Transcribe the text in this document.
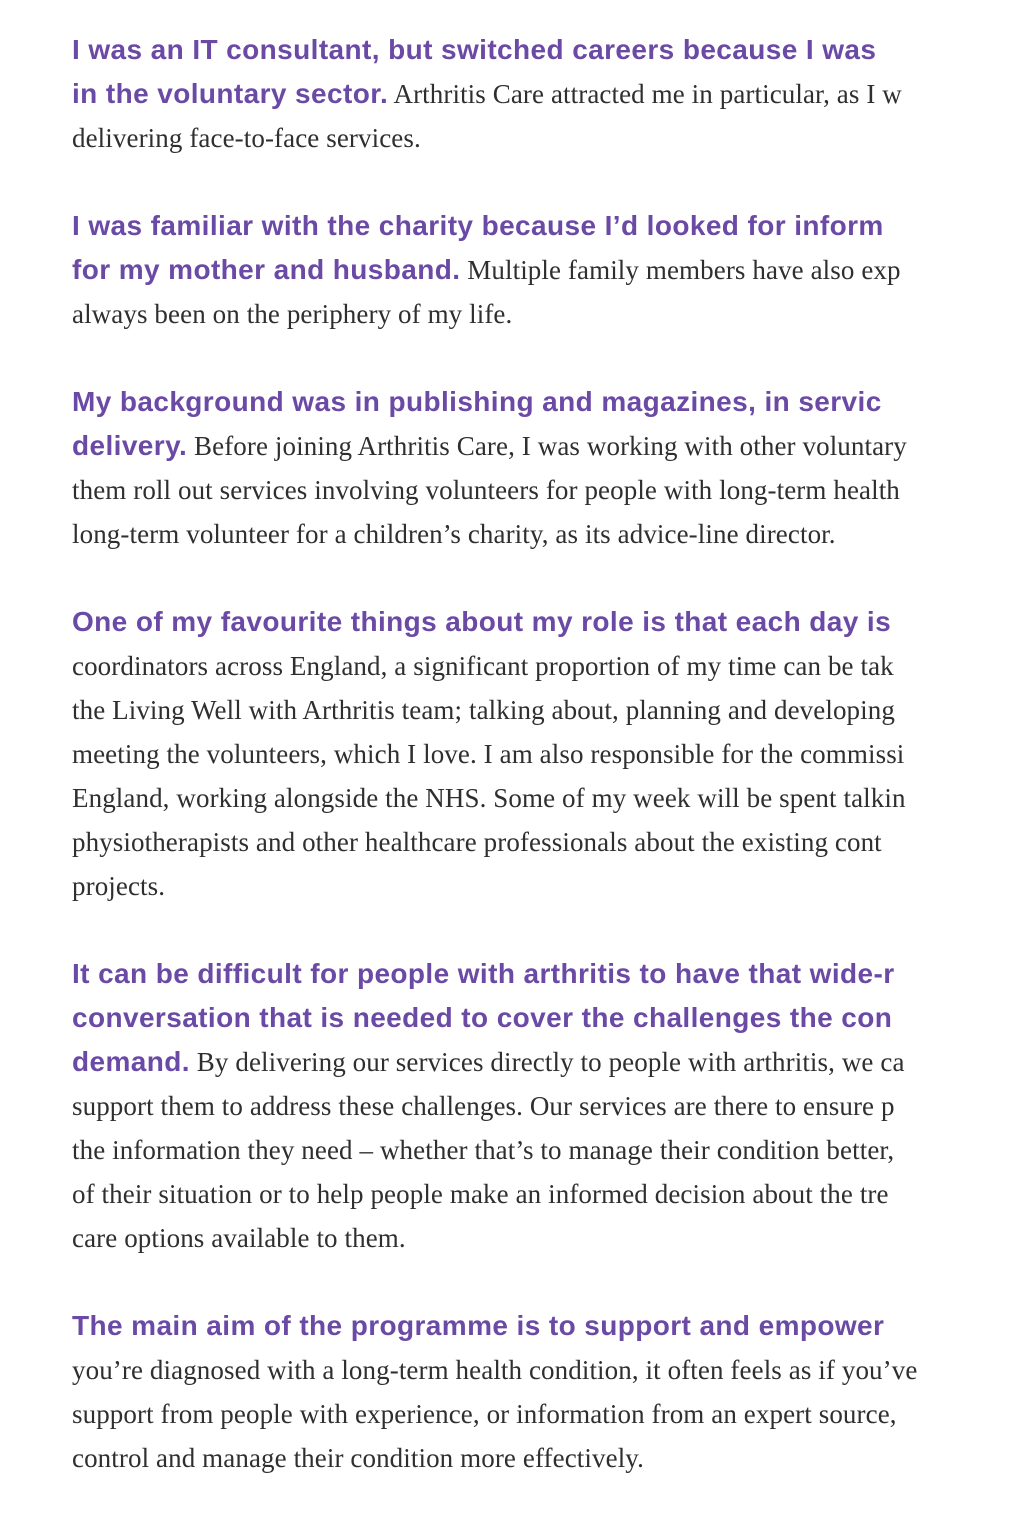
I was an IT consultant, but switched careers because I was
in the voluntary sector. Arthritis Care attracted me in particular, as I w
delivering face-to-face services.

I was familiar with the charity because I’d looked for inform
for my mother and husband. Multiple family members have also exp
always been on the periphery of my life.

My background was in publishing and magazines, in servic
delivery. Before joining Arthritis Care, I was working with other voluntary
them roll out services involving volunteers for people with long-term health
long-term volunteer for a children’s charity, as its advice-line director.

One of my favourite things about my role is that each day is
coordinators across England, a significant proportion of my time can be tak
the Living Well with Arthritis team; talking about, planning and developing
meeting the volunteers, which I love. I am also responsible for the commissi
England, working alongside the NHS. Some of my week will be spent talkin
physiotherapists and other healthcare professionals about the existing cont
projects.

It can be difficult for people with arthritis to have that wide-r
conversation that is needed to cover the challenges the con
demand. By delivering our services directly to people with arthritis, we ca
support them to address these challenges. Our services are there to ensure p
the information they need – whether that’s to manage their condition better,
of their situation or to help people make an informed decision about the tre
care options available to them.

The main aim of the programme is to support and empower
you’re diagnosed with a long-term health condition, it often feels as if you’ve
support from people with experience, or information from an expert source,
control and manage their condition more effectively.
